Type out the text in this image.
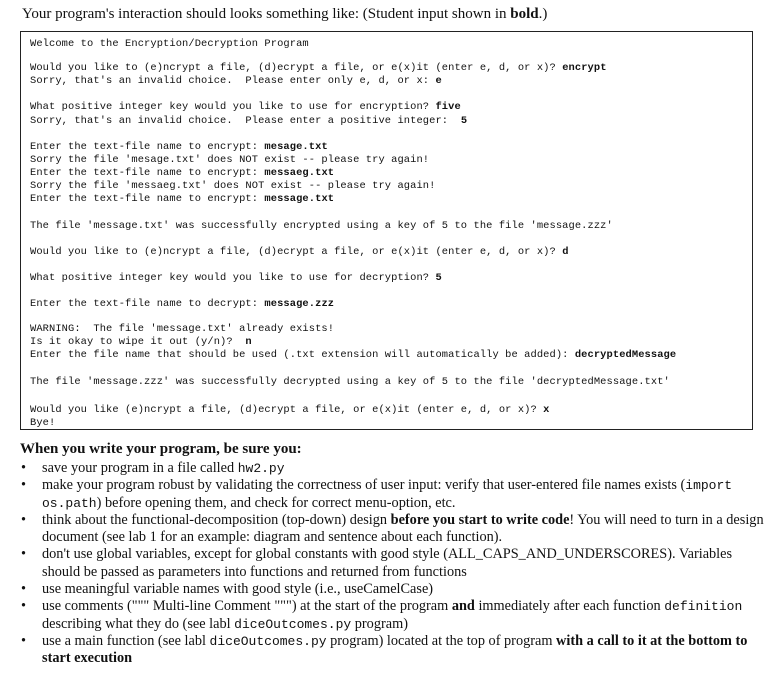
Your program's interaction should looks something like: (Student input shown in bold.)
Welcome to the Encryption/Decryption Program
Would you like to (e)ncrypt a file, (d)ecrypt a file, or e(x)it (enter e, d, or x)? encrypt
Sorry, that's an invalid choice.  Please enter only e, d, or x: e
What positive integer key would you like to use for encryption? five
Sorry, that's an invalid choice.  Please enter a positive integer:  5
Enter the text-file name to encrypt: mesage.txt
Sorry the file 'mesage.txt' does NOT exist -- please try again!
Enter the text-file name to encrypt: messaeg.txt
Sorry the file 'messaeg.txt' does NOT exist -- please try again!
Enter the text-file name to encrypt: message.txt
The file 'message.txt' was successfully encrypted using a key of 5 to the file 'message.zzz'
Would you like to (e)ncrypt a file, (d)ecrypt a file, or e(x)it (enter e, d, or x)? d
What positive integer key would you like to use for decryption? 5
Enter the text-file name to decrypt: message.zzz
WARNING:  The file 'message.txt' already exists!
Is it okay to wipe it out (y/n)?  n
Enter the file name that should be used (.txt extension will automatically be added): decryptedMessage
The file 'message.zzz' was successfully decrypted using a key of 5 to the file 'decryptedMessage.txt'
Would you like (e)ncrypt a file, (d)ecrypt a file, or e(x)it (enter e, d, or x)? x
Bye!
When you write your program, be sure you:
• save your program in a file called hw2.py
• make your program robust by validating the correctness of user input: verify that user-entered file names exists (import os.path) before opening them, and check for correct menu-option, etc.
• think about the functional-decomposition (top-down) design before you start to write code! You will need to turn in a design document (see lab 1 for an example: diagram and sentence about each function).
• don't use global variables, except for global constants with good style (ALL_CAPS_AND_UNDERSCORES). Variables should be passed as parameters into functions and returned from functions
• use meaningful variable names with good style (i.e., useCamelCase)
• use comments (""" Multi-line Comment """) at the start of the program and immediately after each function definition describing what they do (see labl diceOutcomes.py program)
• use a main function (see labl diceOutcomes.py program) located at the top of program with a call to it at the bottom to start execution
